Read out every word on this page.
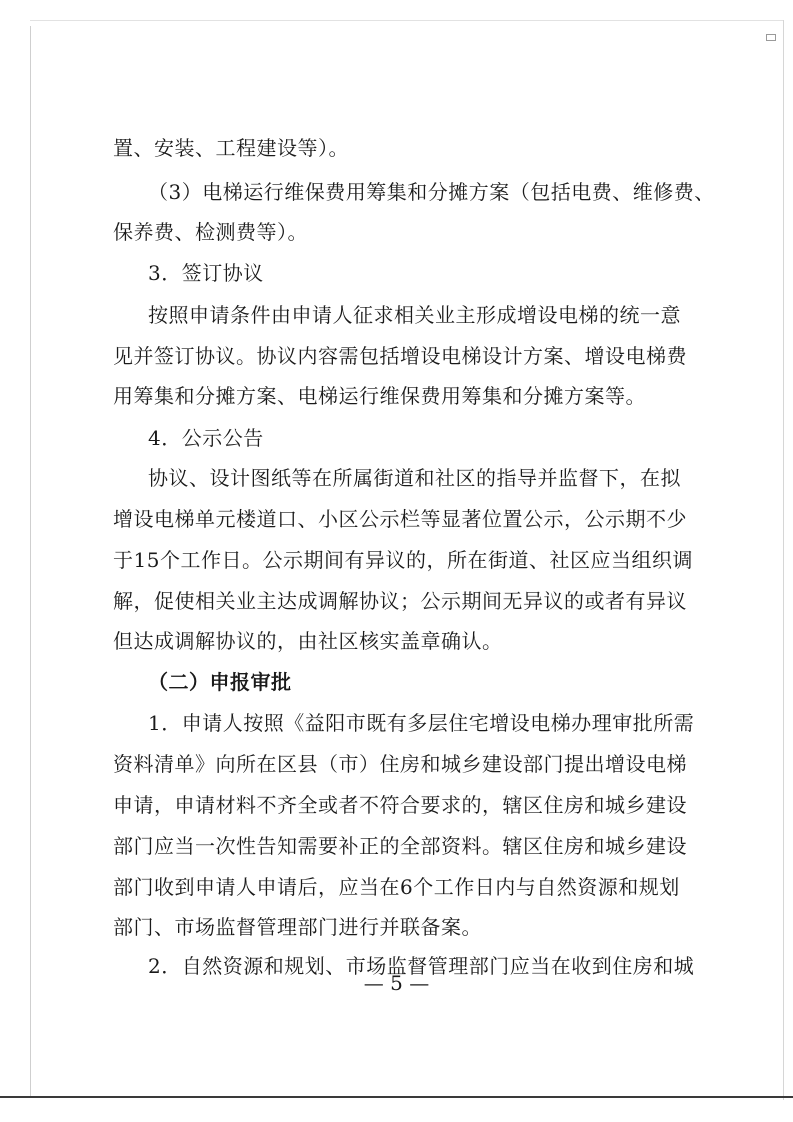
置、安装、工程建设等）。
（3）电梯运行维保费用筹集和分摊方案（包括电费、维修费、
保养费、检测费等）。
3．签订协议
按照申请条件由申请人征求相关业主形成增设电梯的统一意
见并签订协议。协议内容需包括增设电梯设计方案、增设电梯费
用筹集和分摊方案、电梯运行维保费用筹集和分摊方案等。
4．公示公告
协议、设计图纸等在所属街道和社区的指导并监督下，在拟
增设电梯单元楼道口、小区公示栏等显著位置公示，公示期不少
于15个工作日。公示期间有异议的，所在街道、社区应当组织调
解，促使相关业主达成调解协议；公示期间无异议的或者有异议
但达成调解协议的，由社区核实盖章确认。
（二）申报审批
1．申请人按照《益阳市既有多层住宅增设电梯办理审批所需
资料清单》向所在区县（市）住房和城乡建设部门提出增设电梯
申请，申请材料不齐全或者不符合要求的，辖区住房和城乡建设
部门应当一次性告知需要补正的全部资料。辖区住房和城乡建设
部门收到申请人申请后，应当在6个工作日内与自然资源和规划
部门、市场监督管理部门进行并联备案。
2．自然资源和规划、市场监督管理部门应当在收到住房和城
— 5 —
